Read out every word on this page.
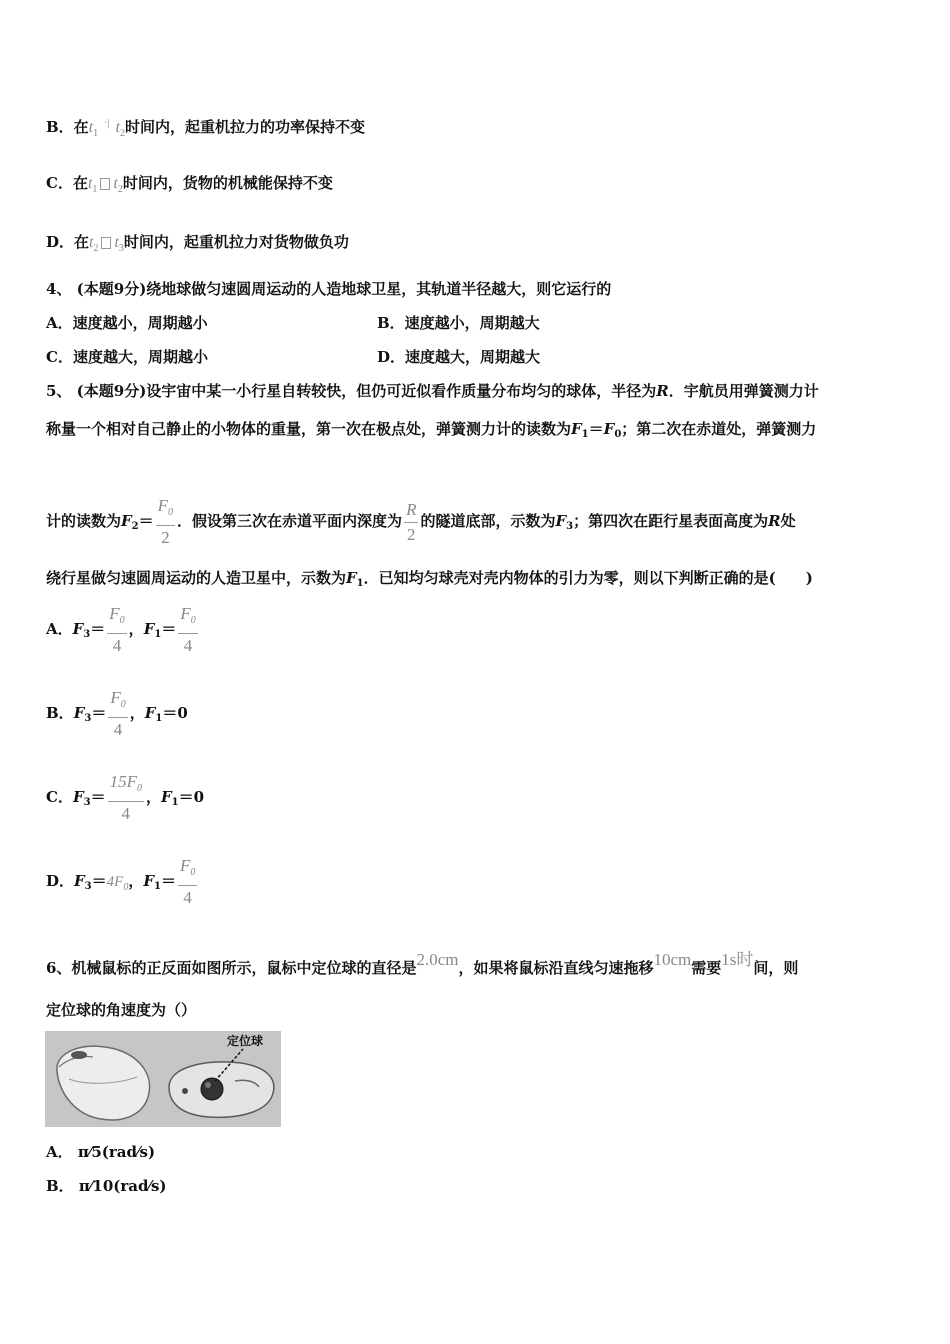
B．在$t_1^{\cdot|}$ $t_2$时间内，起重机拉力的功率保持不变
C．在$t_1$ $t_2$时间内，货物的机械能保持不变
D．在$t_2$ $t_3$时间内，起重机拉力对货物做负功
4、 (本题9分)绕地球做匀速圆周运动的人造地球卫星，其轨道半径越大，则它运行的
A．速度越小，周期越小	B．速度越小，周期越大
C．速度越大，周期越小	D．速度越大，周期越大
5、 (本题9分)设宇宙中某一小行星自转较快，但仍可近似看作质量分布均匀的球体，半径为R．宇航员用弹簧测力计
称量一个相对自己静止的小物体的重量，第一次在极点处，弹簧测力计的读数为$F_1=F_0$；第二次在赤道处，弹簧测力
计的读数为$F_2= \frac{F_0}{2}$ ．假设第三次在赤道平面内深度为 $\frac{R}{2}$ 的隧道底部，示数为$F_3$；第四次在距行星表面高度为R处
绕行星做匀速圆周运动的人造卫星中，示数为$F_1$．已知均匀球壳对壳内物体的引力为零，则以下判断正确的是(　　)
A．$F_3= \frac{F_0}{4}$ ，$F_1= \frac{F_0}{4}$
B．$F_3= \frac{F_0}{4}$ ，$F_1=0$
C．$F_3= \frac{15F_0}{4}$ ，$F_1=0$
D．$F_3=4F_0$，$F_1= \frac{F_0}{4}$
6、机械鼠标的正反面如图所示，鼠标中定位球的直径是2.0cm，如果将鼠标沿直线匀速拖移10cm需要1s时间，则
定位球的角速度为（）
定位球
A． π⁄5(rad⁄s)
B． π⁄10(rad⁄s)
